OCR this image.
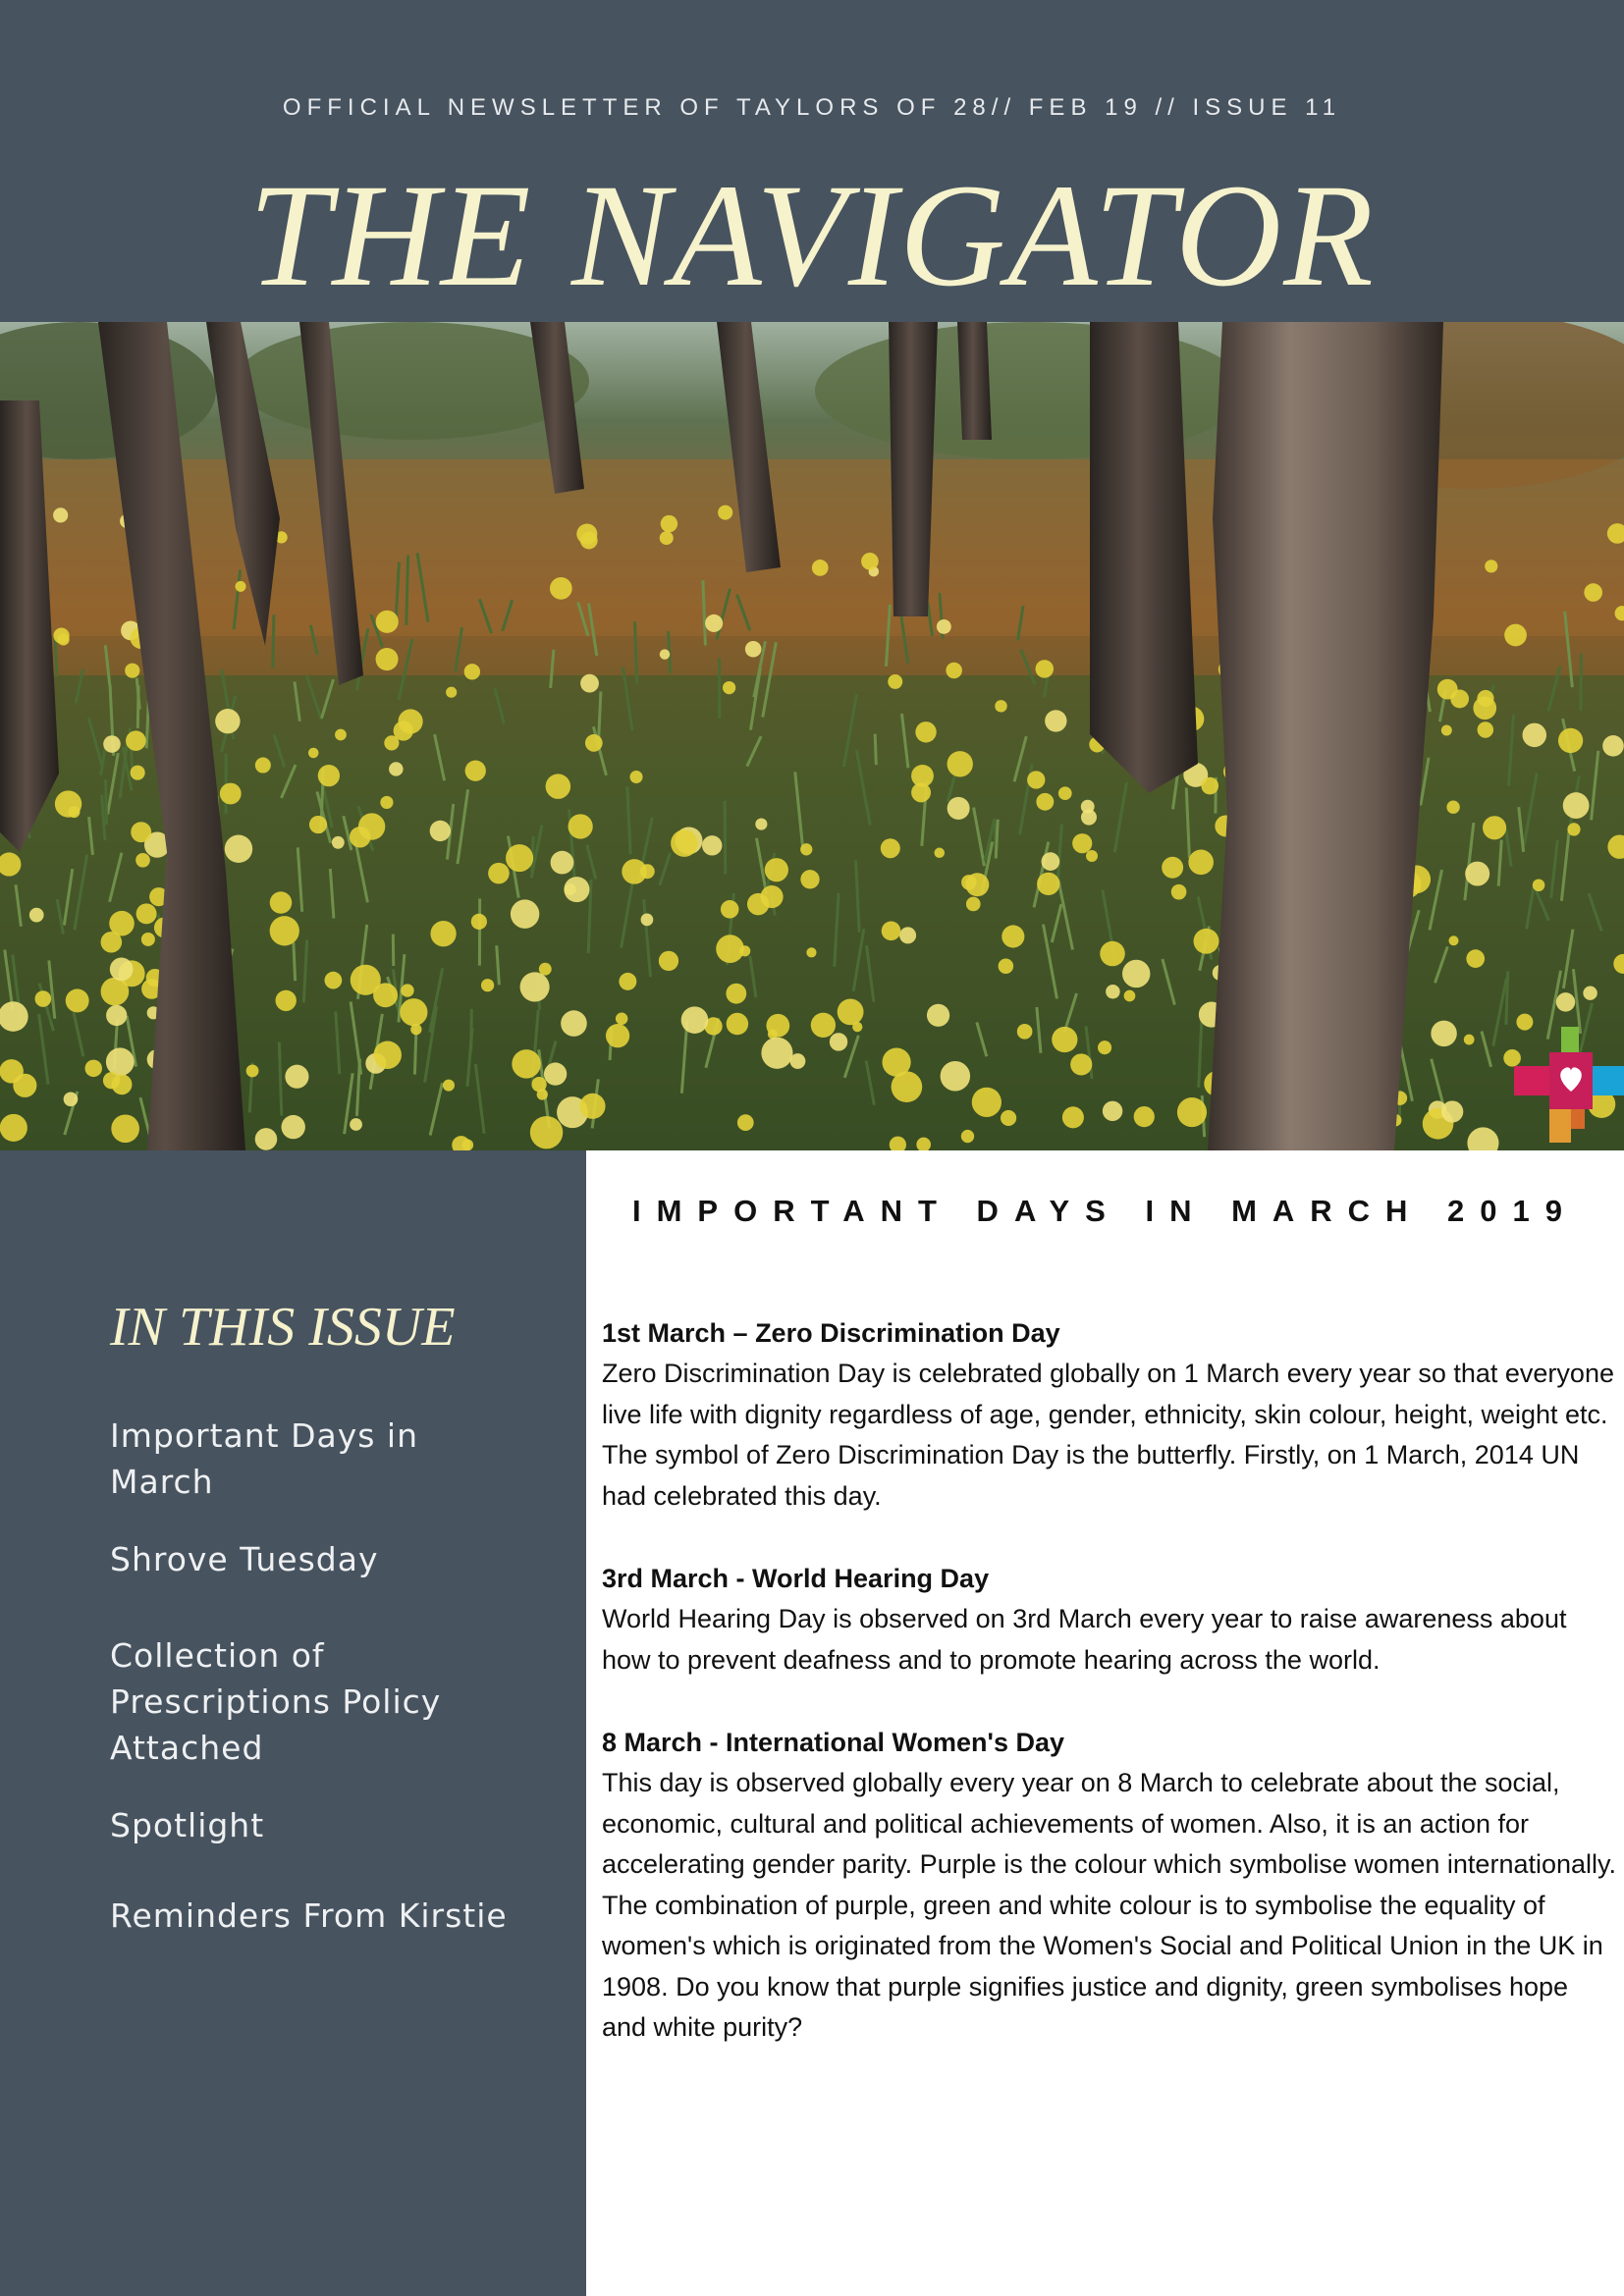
OFFICIAL NEWSLETTER OF TAYLORS OF 28// FEB 19 // ISSUE 11
THE NAVIGATOR
IN THIS ISSUE
Important Days in March
Shrove Tuesday
Collection of Prescriptions Policy Attached
Spotlight
Reminders From Kirstie
IMPORTANT DAYS IN MARCH 2019
1st March – Zero Discrimination Day
Zero Discrimination Day is celebrated globally on 1 March every year so that everyone live life with dignity regardless of age, gender, ethnicity, skin colour, height, weight etc. The symbol of Zero Discrimination Day is the butterfly. Firstly, on 1 March, 2014 UN had celebrated this day.
3rd March - World Hearing Day
World Hearing Day is observed on 3rd March every year to raise awareness about how to prevent deafness and to promote hearing across the world.
8 March - International Women's Day
This day is observed globally every year on 8 March to celebrate about the social, economic, cultural and political achievements of women. Also, it is an action for accelerating gender parity. Purple is the colour which symbolise women internationally. The combination of purple, green and white colour is to symbolise the equality of women's which is originated from the Women's Social and Political Union in the UK in 1908. Do you know that purple signifies justice and dignity, green symbolises hope and white purity?
